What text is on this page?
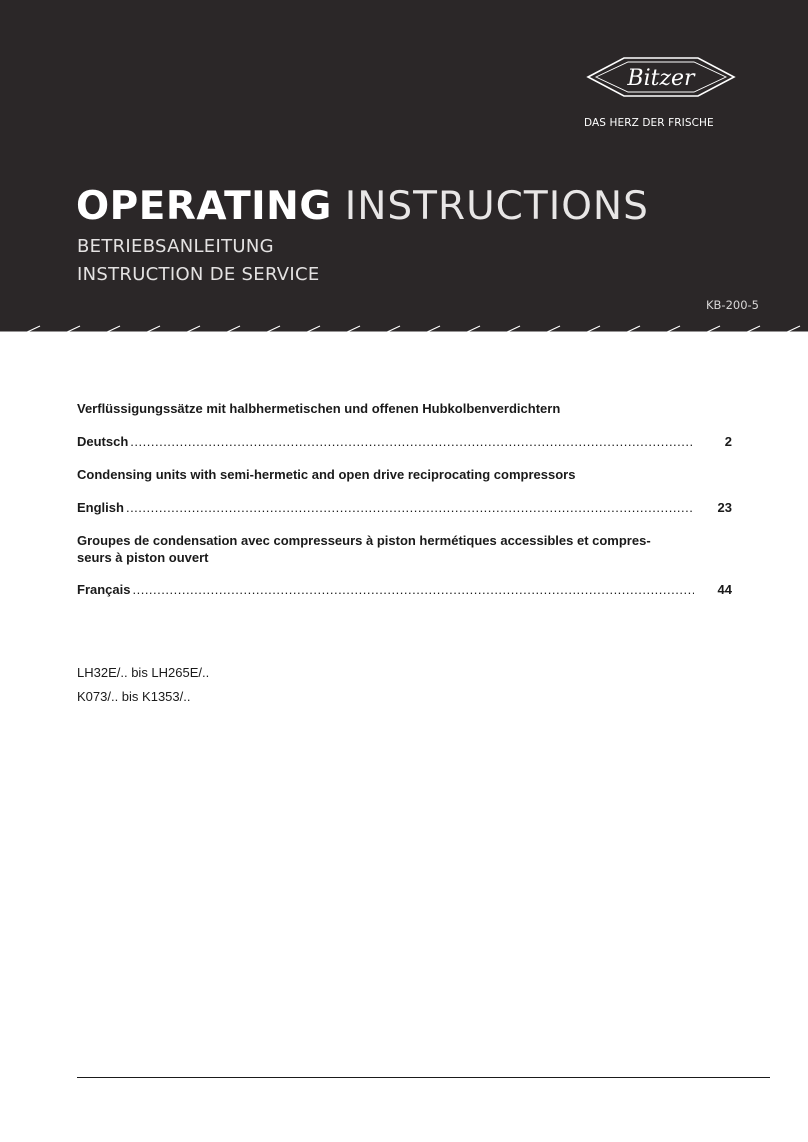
Bitzer
DAS HERZ DER FRISCHE
OPERATING INSTRUCTIONS
BETRIEBSANLEITUNG
INSTRUCTION DE SERVICE
KB-200-5
Verflüssigungssätze mit halbhermetischen und offenen Hubkolbenverdichtern
Deutsch .....	2
Condensing units with semi-hermetic and open drive reciprocating compressors
English .....	23
Groupes de condensation avec compresseurs à piston hermétiques accessibles et compres-
seurs à piston ouvert
Français .....	44
LH32E/.. bis LH265E/..
K073/.. bis K1353/..
